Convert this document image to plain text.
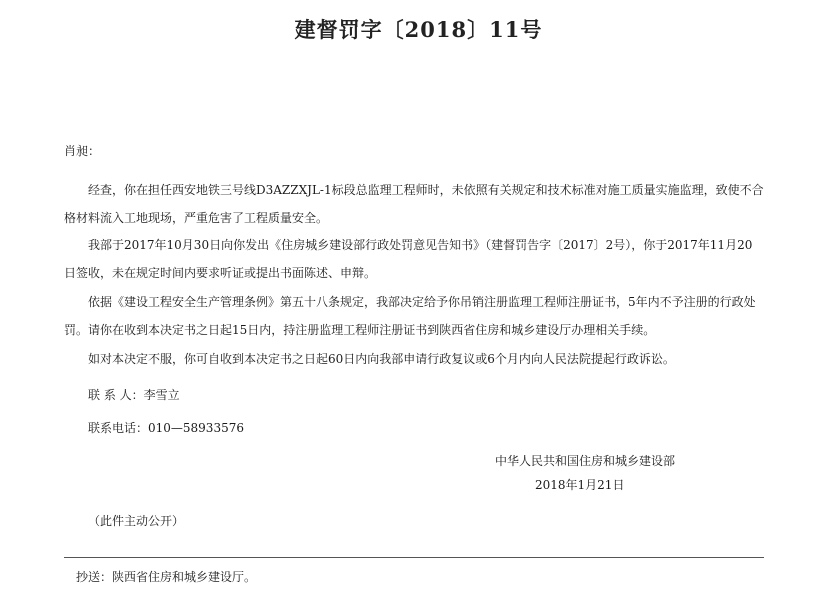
建督罚字〔2018〕11号
肖昶：
经查，你在担任西安地铁三号线D3AZZXJL-1标段总监理工程师时，未依照有关规定和技术标准对施工质量实施监理，致使不合格材料流入工地现场，严重危害了工程质量安全。
我部于2017年10月30日向你发出《住房城乡建设部行政处罚意见告知书》（建督罚告字〔2017〕2号），你于2017年11月20日签收，未在规定时间内要求听证或提出书面陈述、申辩。
依据《建设工程安全生产管理条例》第五十八条规定，我部决定给予你吊销注册监理工程师注册证书，5年内不予注册的行政处罚。请你在收到本决定书之日起15日内，持注册监理工程师注册证书到陕西省住房和城乡建设厅办理相关手续。
如对本决定不服，你可自收到本决定书之日起60日内向我部申请行政复议或6个月内向人民法院提起行政诉讼。
联 系 人：李雪立
联系电话：010—58933576
中华人民共和国住房和城乡建设部
2018年1月21日
（此件主动公开）
抄送：陕西省住房和城乡建设厅。
